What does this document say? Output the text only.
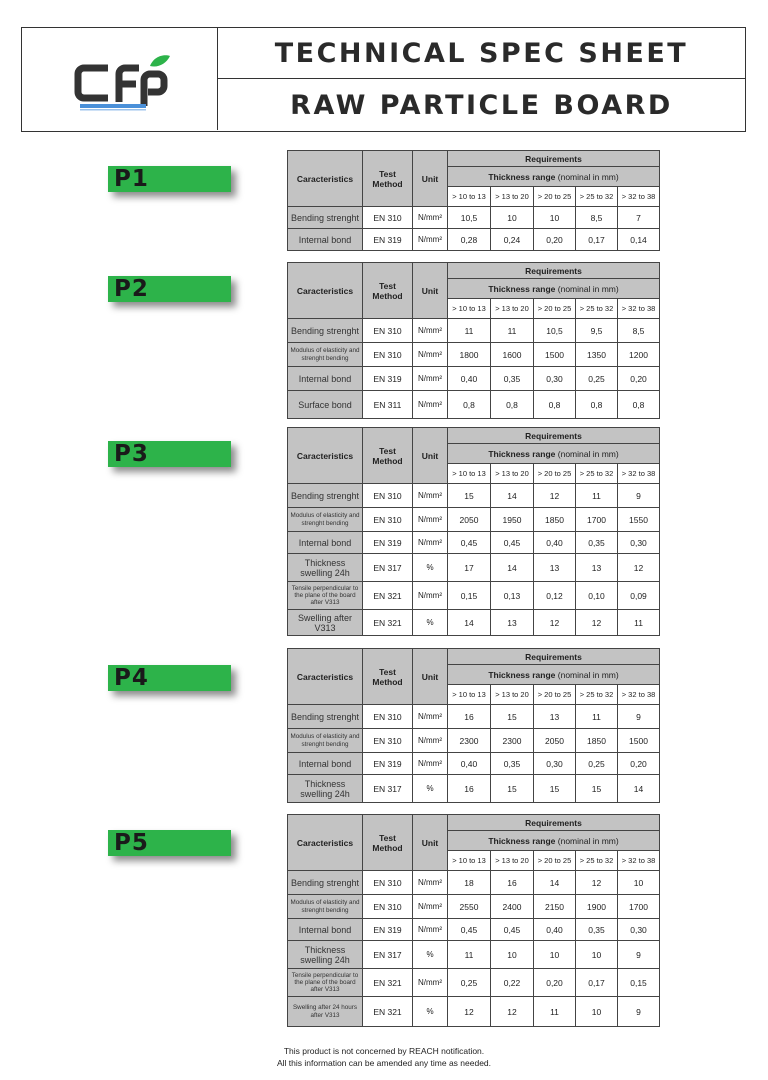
TECHNICAL SPEC SHEET
RAW PARTICLE BOARD
P1
P2
P3
P4
P5
Caracteristics	Test Method	Unit	Requirements				
			Thickness range (nominal in mm)				
			> 10 to 13	> 13 to 20	> 20 to 25	> 25 to 32	> 32 to 38
Bending strenght	EN 310	N/mm²	10,5	10	10	8,5	7
Internal bond	EN 319	N/mm²	0,28	0,24	0,20	0,17	0,14
Caracteristics	Test Method	Unit	Requirements				
			Thickness range (nominal in mm)				
			> 10 to 13	> 13 to 20	> 20 to 25	> 25 to 32	> 32 to 38
Bending strenght	EN 310	N/mm²	11	11	10,5	9,5	8,5
Modulus of elasticity and strenght bending	EN 310	N/mm²	1800	1600	1500	1350	1200
Internal bond	EN 319	N/mm²	0,40	0,35	0,30	0,25	0,20
Surface bond	EN 311	N/mm²	0,8	0,8	0,8	0,8	0,8
Caracteristics	Test Method	Unit	Requirements				
			Thickness range (nominal in mm)				
			> 10 to 13	> 13 to 20	> 20 to 25	> 25 to 32	> 32 to 38
Bending strenght	EN 310	N/mm²	15	14	12	11	9
Modulus of elasticity and strenght bending	EN 310	N/mm²	2050	1950	1850	1700	1550
Internal bond	EN 319	N/mm²	0,45	0,45	0,40	0,35	0,30
Thickness swelling 24h	EN 317	%	17	14	13	13	12
Tensile perpendicular to the plane of the board after V313	EN 321	N/mm²	0,15	0,13	0,12	0,10	0,09
Swelling after V313	EN 321	%	14	13	12	12	11
Caracteristics	Test Method	Unit	Requirements				
			Thickness range (nominal in mm)				
			> 10 to 13	> 13 to 20	> 20 to 25	> 25 to 32	> 32 to 38
Bending strenght	EN 310	N/mm²	16	15	13	11	9
Modulus of elasticity and strenght bending	EN 310	N/mm²	2300	2300	2050	1850	1500
Internal bond	EN 319	N/mm²	0,40	0,35	0,30	0,25	0,20
Thickness swelling 24h	EN 317	%	16	15	15	15	14
Caracteristics	Test Method	Unit	Requirements				
			Thickness range (nominal in mm)				
			> 10 to 13	> 13 to 20	> 20 to 25	> 25 to 32	> 32 to 38
Bending strenght	EN 310	N/mm²	18	16	14	12	10
Modulus of elasticity and strenght bending	EN 310	N/mm²	2550	2400	2150	1900	1700
Internal bond	EN 319	N/mm²	0,45	0,45	0,40	0,35	0,30
Thickness swelling 24h	EN 317	%	11	10	10	10	9
Tensile perpendicular to the plane of the board after V313	EN 321	N/mm²	0,25	0,22	0,20	0,17	0,15
Swelling after 24 hours after V313	EN 321	%	12	12	11	10	9
This product is not concerned by REACH notification.
All this information can be amended any time as needed.
